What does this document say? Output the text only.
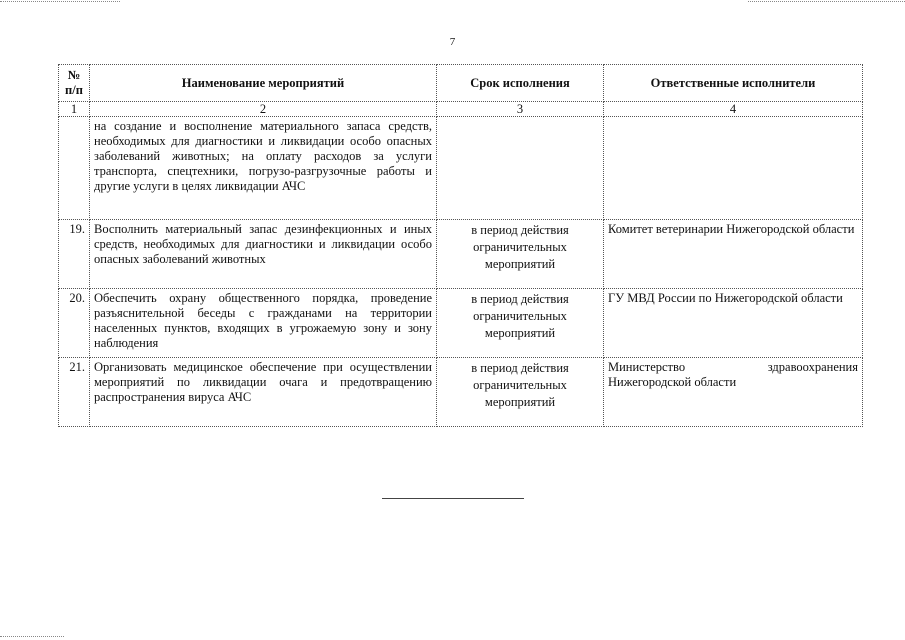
7
№ п/п	Наименование мероприятий	Срок исполнения	Ответственные исполнители
1	2	3	4
	на создание и восполнение материального запаса средств, необходимых для диагностики и ликвидации особо опасных заболеваний животных; на оплату расходов за услуги транспорта, спецтехники, погрузо-разгрузочные работы и другие услуги в целях ликвидации АЧС		
19.	Восполнить материальный запас дезинфекционных и иных средств, необходимых для диагностики и ликвидации особо опасных заболеваний животных	в период действия ограничительных мероприятий	Комитет ветеринарии Нижегородской области
20.	Обеспечить охрану общественного порядка, проведение разъяснительной беседы с гражданами на территории населенных пунктов, входящих в угрожаемую зону и зону наблюдения	в период действия ограничительных мероприятий	ГУ МВД России по Нижегородской области
21.	Организовать медицинское обеспечение при осуществлении мероприятий по ликвидации очага и предотвращению распространения вируса АЧС	в период действия ограничительных мероприятий	Министерство здравоохранения Нижегородской области
